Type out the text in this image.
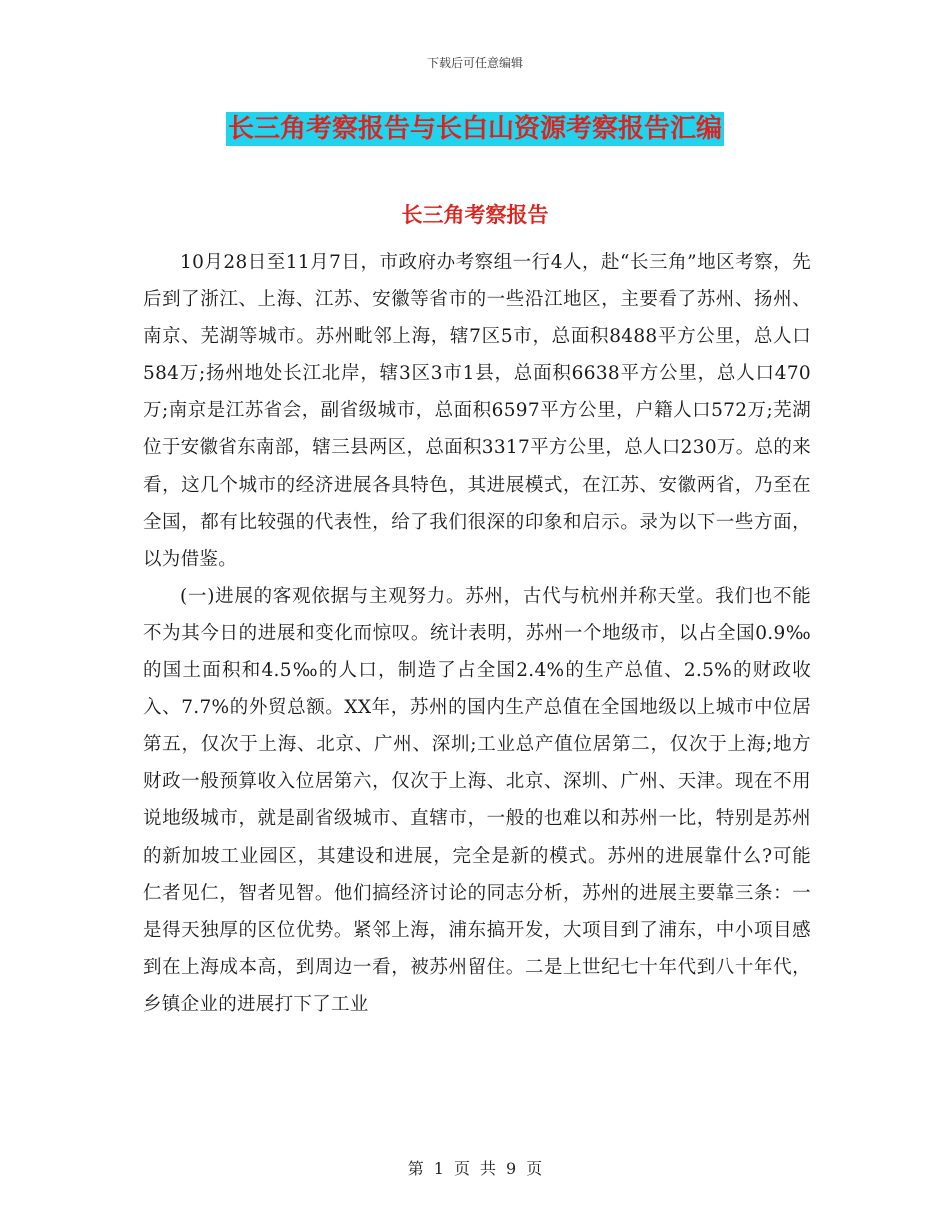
下载后可任意编辑
长三角考察报告与长白山资源考察报告汇编
长三角考察报告

10月28日至11月7日，市政府办考察组一行4人，赴“长三角”地区考察，先后到了浙江、上海、江苏、安徽等省市的一些沿江地区，主要看了苏州、扬州、南京、芜湖等城市。苏州毗邻上海，辖7区5市，总面积8488平方公里，总人口584万;扬州地处长江北岸，辖3区3市1县，总面积6638平方公里，总人口470万;南京是江苏省会，副省级城市，总面积6597平方公里，户籍人口572万;芜湖位于安徽省东南部，辖三县两区，总面积3317平方公里，总人口230万。总的来看，这几个城市的经济进展各具特色，其进展模式，在江苏、安徽两省，乃至在全国，都有比较强的代表性，给了我们很深的印象和启示。录为以下一些方面，以为借鉴。

(一)进展的客观依据与主观努力。苏州，古代与杭州并称天堂。我们也不能不为其今日的进展和变化而惊叹。统计表明，苏州一个地级市，以占全国0.9‰的国土面积和4.5‰的人口，制造了占全国2.4%的生产总值、2.5%的财政收入、7.7%的外贸总额。XX年，苏州的国内生产总值在全国地级以上城市中位居第五，仅次于上海、北京、广州、深圳;工业总产值位居第二，仅次于上海;地方财政一般预算收入位居第六，仅次于上海、北京、深圳、广州、天津。现在不用说地级城市，就是副省级城市、直辖市，一般的也难以和苏州一比，特别是苏州的新加坡工业园区，其建设和进展，完全是新的模式。苏州的进展靠什么?可能仁者见仁，智者见智。他们搞经济讨论的同志分析，苏州的进展主要靠三条：一是得天独厚的区位优势。紧邻上海，浦东搞开发，大项目到了浦东，中小项目感到在上海成本高，到周边一看，被苏州留住。二是上世纪七十年代到八十年代，乡镇企业的进展打下了工业

第 1 页 共 9 页
